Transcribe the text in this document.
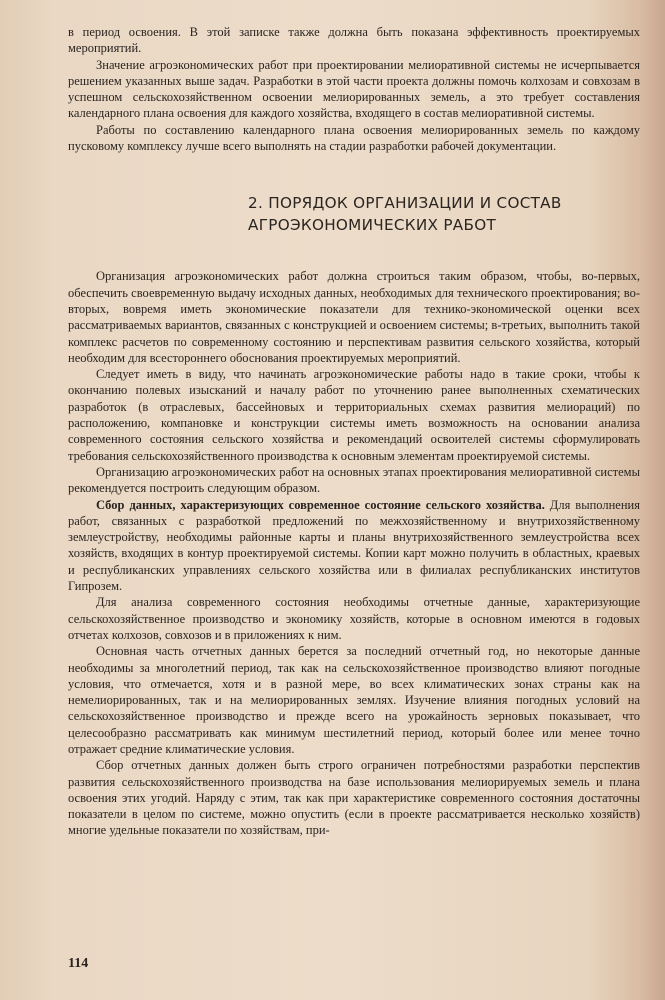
в период освоения. В этой записке также должна быть показана эффективность проектируемых мероприятий.

Значение агроэкономических работ при проектировании мелиоративной системы не исчерпывается решением указанных выше задач. Разработки в этой части проекта должны помочь колхозам и совхозам в успешном сельскохозяйственном освоении мелиорированных земель, а это требует составления календарного плана освоения для каждого хозяйства, входящего в состав мелиоративной системы.

Работы по составлению календарного плана освоения мелиорированных земель по каждому пусковому комплексу лучше всего выполнять на стадии разработки рабочей документации.

2. ПОРЯДОК ОРГАНИЗАЦИИ И СОСТАВ
АГРОЭКОНОМИЧЕСКИХ РАБОТ

Организация агроэкономических работ должна строиться таким образом, чтобы, во-первых, обеспечить своевременную выдачу исходных данных, необходимых для технического проектирования; во-вторых, вовремя иметь экономические показатели для технико-экономической оценки всех рассматриваемых вариантов, связанных с конструкцией и освоением системы; в-третьих, выполнить такой комплекс расчетов по современному состоянию и перспективам развития сельского хозяйства, который необходим для всестороннего обоснования проектируемых мероприятий.

Следует иметь в виду, что начинать агроэкономические работы надо в такие сроки, чтобы к окончанию полевых изысканий и началу работ по уточнению ранее выполненных схематических разработок (в отраслевых, бассейновых и территориальных схемах развития мелиораций) по расположению, компановке и конструкции системы иметь возможность на основании анализа современного состояния сельского хозяйства и рекомендаций освоителей системы сформулировать требования сельскохозяйственного производства к основным элементам проектируемой системы.

Организацию агроэкономических работ на основных этапах проектирования мелиоративной системы рекомендуется построить следующим образом.

Сбор данных, характеризующих современное состояние сельского хозяйства. Для выполнения работ, связанных с разработкой предложений по межхозяйственному и внутрихозяйственному землеустройству, необходимы районные карты и планы внутрихозяйственного землеустройства всех хозяйств, входящих в контур проектируемой системы. Копии карт можно получить в областных, краевых и республиканских управлениях сельского хозяйства или в филиалах республиканских институтов Гипрозем.

Для анализа современного состояния необходимы отчетные данные, характеризующие сельскохозяйственное производство и экономику хозяйств, которые в основном имеются в годовых отчетах колхозов, совхозов и в приложениях к ним.

Основная часть отчетных данных берется за последний отчетный год, но некоторые данные необходимы за многолетний период, так как на сельскохозяйственное производство влияют погодные условия, что отмечается, хотя и в разной мере, во всех климатических зонах страны как на немелиорированных, так и на мелиорированных землях. Изучение влияния погодных условий на сельскохозяйственное производство и прежде всего на урожайность зерновых показывает, что целесообразно рассматривать как минимум шестилетний период, который более или менее точно отражает средние климатические условия.

Сбор отчетных данных должен быть строго ограничен потребностями разработки перспектив развития сельскохозяйственного производства на базе использования мелиорируемых земель и плана освоения этих угодий. Наряду с этим, так как при характеристике современного состояния достаточны показатели в целом по системе, можно опустить (если в проекте рассматривается несколько хозяйств) многие удельные показатели по хозяйствам, при-

114
